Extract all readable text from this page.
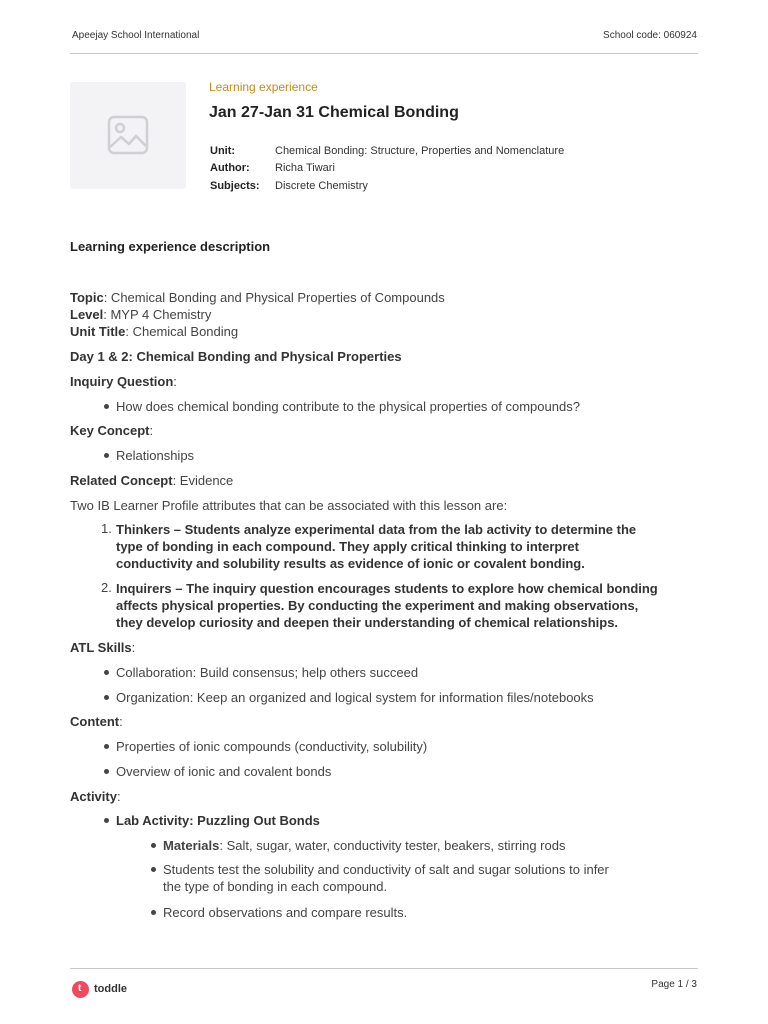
Apeejay School International	School code: 060924
Learning experience
Jan 27-Jan 31 Chemical Bonding
Unit:	Chemical Bonding: Structure, Properties and Nomenclature
Author: Richa Tiwari
Subjects: Discrete Chemistry
Learning experience description
Topic: Chemical Bonding and Physical Properties of Compounds
Level: MYP 4 Chemistry
Unit Title: Chemical Bonding
Day 1 & 2: Chemical Bonding and Physical Properties
Inquiry Question:
How does chemical bonding contribute to the physical properties of compounds?
Key Concept:
Relationships
Related Concept: Evidence
Two IB Learner Profile attributes that can be associated with this lesson are:
1. Thinkers – Students analyze experimental data from the lab activity to determine the
type of bonding in each compound. They apply critical thinking to interpret
conductivity and solubility results as evidence of ionic or covalent bonding.
2. Inquirers – The inquiry question encourages students to explore how chemical bonding
affects physical properties. By conducting the experiment and making observations,
they develop curiosity and deepen their understanding of chemical relationships.
ATL Skills:
Collaboration: Build consensus; help others succeed
Organization: Keep an organized and logical system for information files/notebooks
Content:
Properties of ionic compounds (conductivity, solubility)
Overview of ionic and covalent bonds
Activity:
Lab Activity: Puzzling Out Bonds
Materials: Salt, sugar, water, conductivity tester, beakers, stirring rods
Students test the solubility and conductivity of salt and sugar solutions to infer
the type of bonding in each compound.
Record observations and compare results.
t toddle	Page 1 / 3
